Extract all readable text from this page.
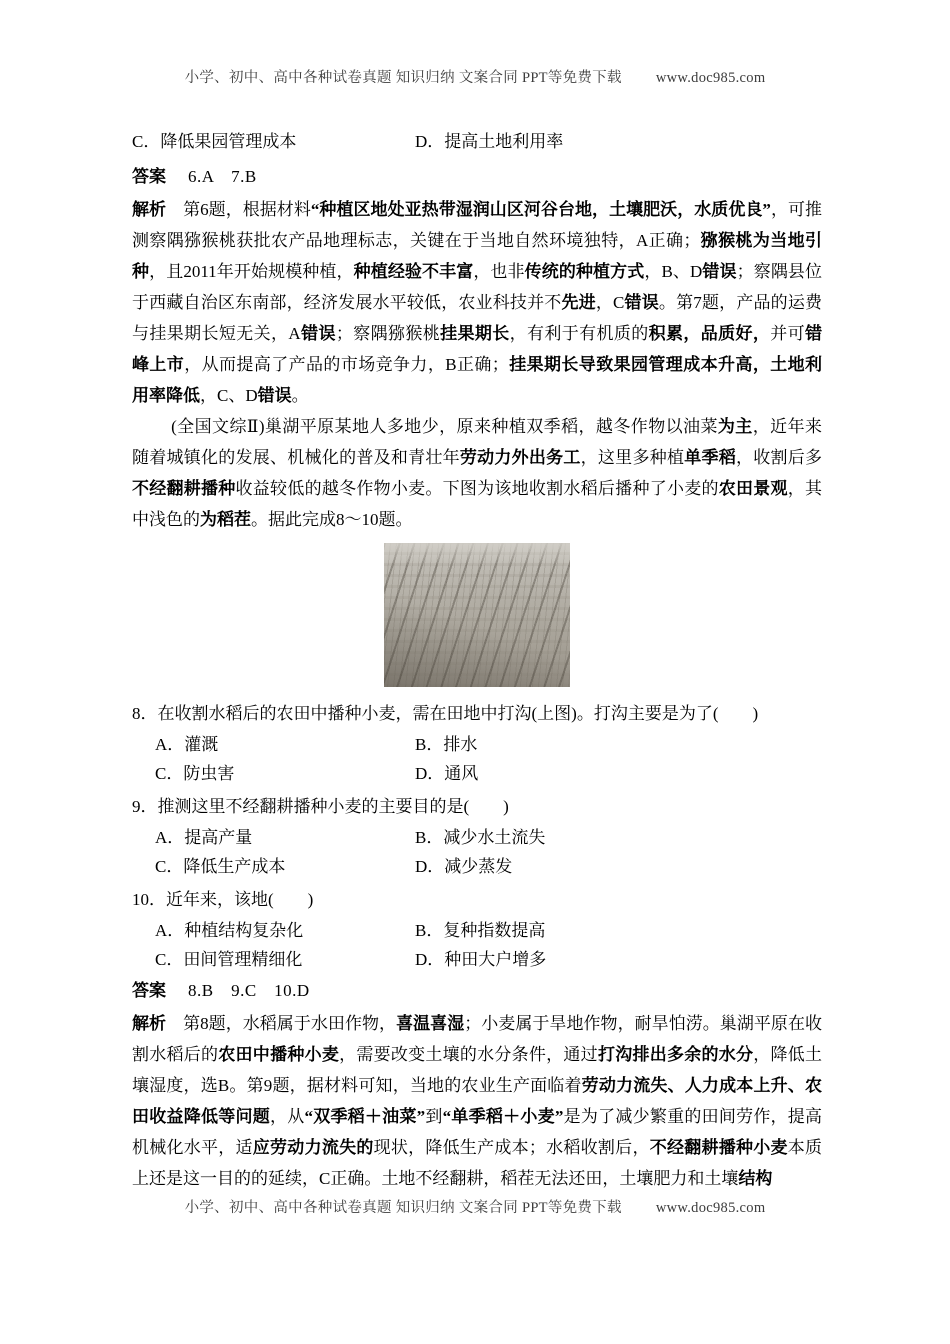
小学、初中、高中各种试卷真题 知识归纳 文案合同 PPT等免费下载 www.doc985.com
C．降低果园管理成本	D．提高土地利用率

答案 6.A　7.B

解析 第6题，根据材料“种植区地处亚热带湿润山区河谷台地，土壤肥沃，水质优良”，可推测察隅猕猴桃获批农产品地理标志，关键在于当地自然环境独特，A正确；猕猴桃为当地引种，且2011年开始规模种植，种植经验不丰富，也非传统的种植方式，B、D错误；察隅县位于西藏自治区东南部，经济发展水平较低，农业科技并不先进，C错误。第7题，产品的运费与挂果期长短无关，A错误；察隅猕猴桃挂果期长，有利于有机质的积累，品质好，并可错峰上市，从而提高了产品的市场竞争力，B正确；挂果期长导致果园管理成本升高，土地利用率降低，C、D错误。

(全国文综Ⅱ)巢湖平原某地人多地少，原来种植双季稻，越冬作物以油菜为主，近年来随着城镇化的发展、机械化的普及和青壮年劳动力外出务工，这里多种植单季稻，收割后多不经翻耕播种收益较低的越冬作物小麦。下图为该地收割水稻后播种了小麦的农田景观，其中浅色的为稻茬。据此完成8～10题。

8．在收割水稻后的农田中播种小麦，需在田地中打沟(上图)。打沟主要是为了(　　)

A．灌溉	B．排水
C．防虫害	D．通风

9．推测这里不经翻耕播种小麦的主要目的是(　　)

A．提高产量	B．减少水土流失
C．降低生产成本	D．减少蒸发

10．近年来，该地(　　)

A．种植结构复杂化	B．复种指数提高
C．田间管理精细化	D．种田大户增多

答案 8.B　9.C　10.D

解析 第8题，水稻属于水田作物，喜温喜湿；小麦属于旱地作物，耐旱怕涝。巢湖平原在收割水稻后的农田中播种小麦，需要改变土壤的水分条件，通过打沟排出多余的水分，降低土壤湿度，选B。第9题，据材料可知，当地的农业生产面临着劳动力流失、人力成本上升、农田收益降低等问题，从“双季稻＋油菜”到“单季稻＋小麦”是为了减少繁重的田间劳作，提高机械化水平，适应劳动力流失的现状，降低生产成本；水稻收割后，不经翻耕播种小麦本质上还是这一目的的延续，C正确。土地不经翻耕，稻茬无法还田，土壤肥力和土壤结构

小学、初中、高中各种试卷真题 知识归纳 文案合同 PPT等免费下载 www.doc985.com
